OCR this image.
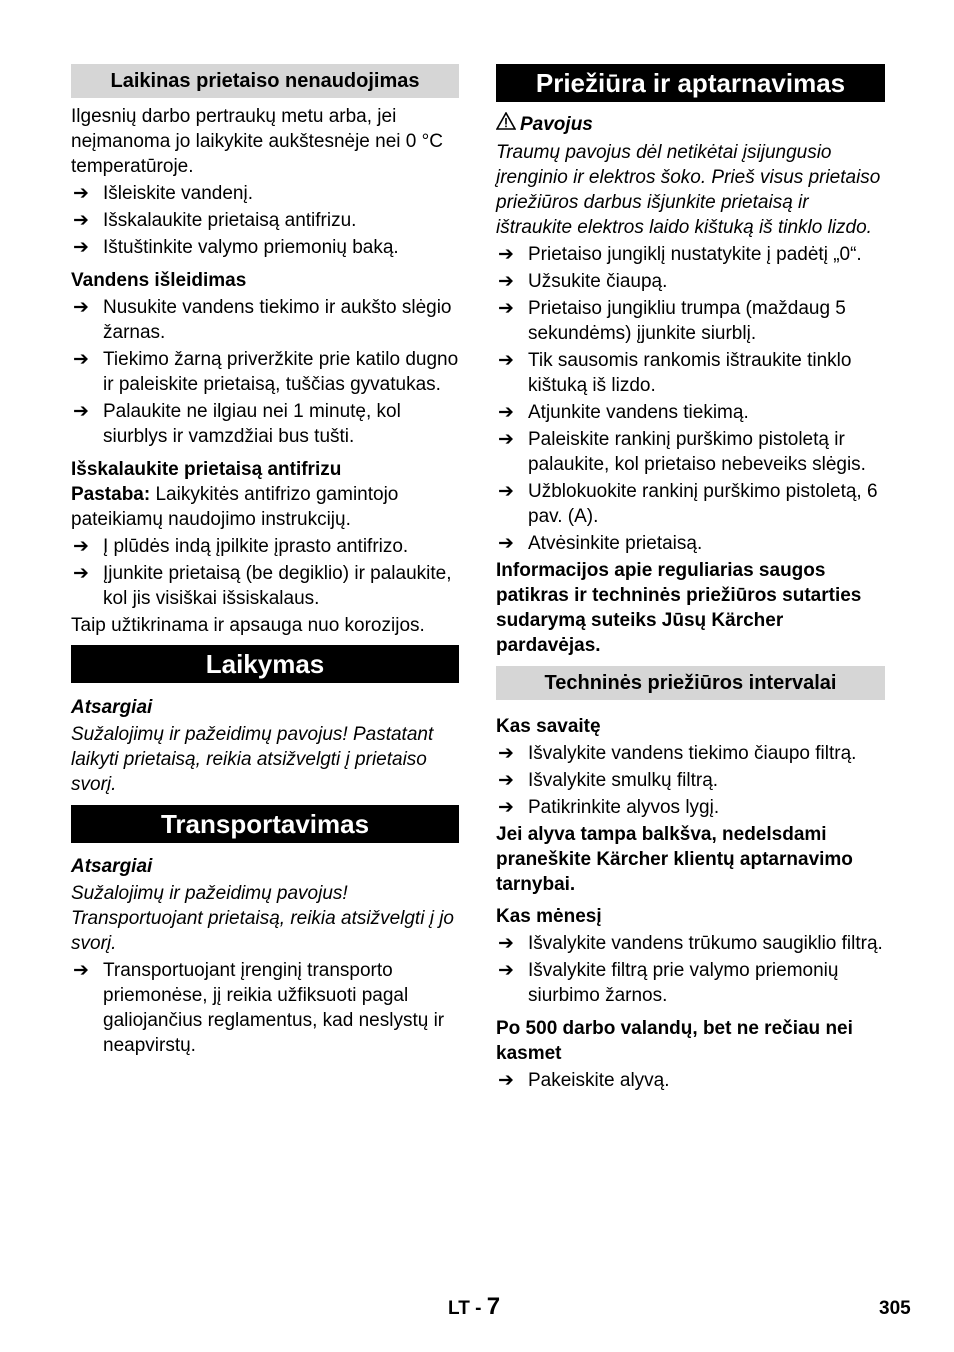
Laikinas prietaiso nenaudojimas

Ilgesnių darbo pertraukų metu arba, jei neįmanoma jo laikykite aukštesnėje nei 0 °C temperatūroje.

➔ Išleiskite vandenį.
➔ Išskalaukite prietaisą antifrizu.
➔ Ištuštinkite valymo priemonių baką.

Vandens išleidimas

➔ Nusukite vandens tiekimo ir aukšto slėgio žarnas.
➔ Tiekimo žarną priveržkite prie katilo dugno ir paleiskite prietaisą, tuščias gyvatukas.
➔ Palaukite ne ilgiau nei 1 minutę, kol siurblys ir vamzdžiai bus tušti.

Išskalaukite prietaisą antifrizu

Pastaba: Laikykitės antifrizo gamintojo pateikiamų naudojimo instrukcijų.

➔ Į plūdės indą įpilkite įprasto antifrizo.
➔ Įjunkite prietaisą (be degiklio) ir palaukite, kol jis visiškai išsiskalaus.

Taip užtikrinama ir apsauga nuo korozijos.

Laikymas

Atsargiai

Sužalojimų ir pažeidimų pavojus! Pastatant laikyti prietaisą, reikia atsižvelgti į prietaiso svorį.

Transportavimas

Atsargiai

Sužalojimų ir pažeidimų pavojus! Transportuojant prietaisą, reikia atsižvelgti į jo svorį.

➔ Transportuojant įrenginį transporto priemonėse, jį reikia užfiksuoti pagal galiojančius reglamentus, kad neslystų ir neapvirstų.
Priežiūra ir aptarnavimas

Pavojus

Traumų pavojus dėl netikėtai įsijungusio įrenginio ir elektros šoko. Prieš visus prietaiso priežiūros darbus išjunkite prietaisą ir ištraukite elektros laido kištuką iš tinklo lizdo.

➔ Prietaiso jungiklį nustatykite į padėtį „0“.
➔ Užsukite čiaupą.
➔ Prietaiso jungikliu trumpa (maždaug 5 sekundėms) įjunkite siurblį.
➔ Tik sausomis rankomis ištraukite tinklo kištuką iš lizdo.
➔ Atjunkite vandens tiekimą.
➔ Paleiskite rankinį purškimo pistoletą ir palaukite, kol prietaiso nebeveiks slėgis.
➔ Užblokuokite rankinį purškimo pistoletą, 6 pav. (A).
➔ Atvėsinkite prietaisą.

Informacijos apie reguliarias saugos patikras ir techninės priežiūros sutarties sudarymą suteiks Jūsų Kärcher pardavėjas.

Techninės priežiūros intervalai

Kas savaitę

➔ Išvalykite vandens tiekimo čiaupo filtrą.
➔ Išvalykite smulkų filtrą.
➔ Patikrinkite alyvos lygį.

Jei alyva tampa balkšva, nedelsdami praneškite Kärcher klientų aptarnavimo tarnybai.

Kas mėnesį

➔ Išvalykite vandens trūkumo saugiklio filtrą.
➔ Išvalykite filtrą prie valymo priemonių siurbimo žarnos.

Po 500 darbo valandų, bet ne rečiau nei kasmet

➔ Pakeiskite alyvą.
LT - 7	305
